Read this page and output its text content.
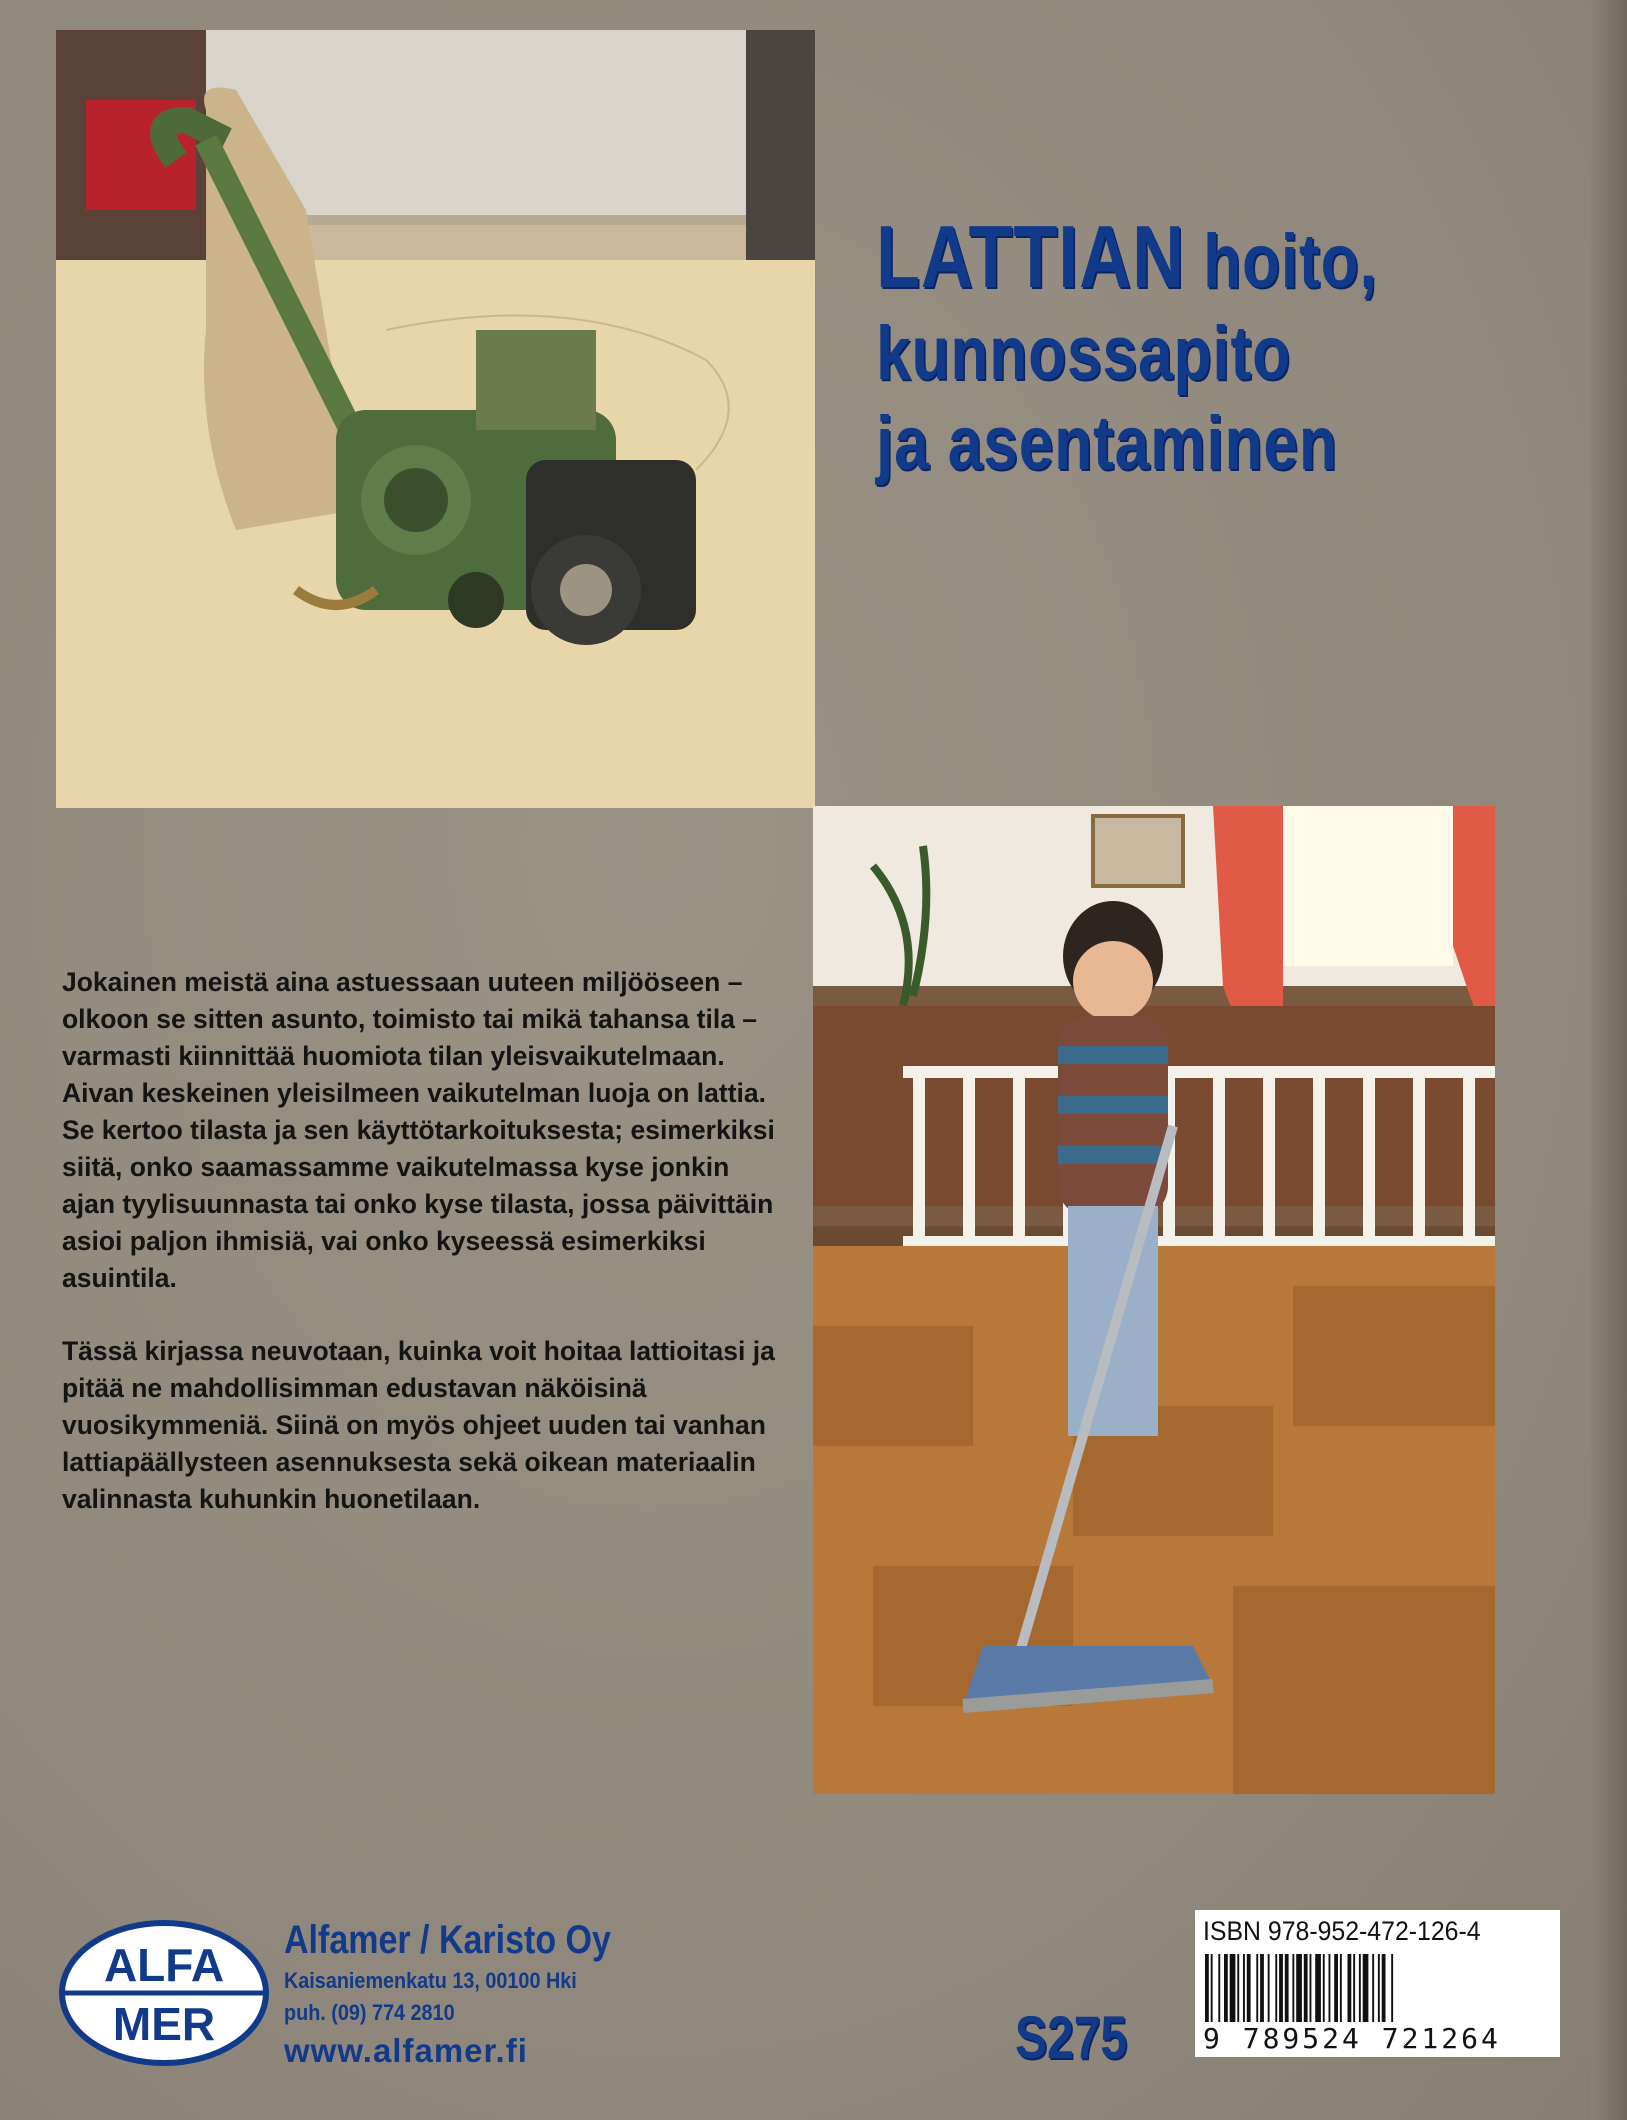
LATTIAN hoito,
kunnossapito
ja asentaminen

Jokainen meistä aina astuessaan uuteen miljööseen – olkoon se sitten asunto, toimisto tai mikä tahansa tila – varmasti kiinnittää huomiota tilan yleisvaikutelmaan. Aivan keskeinen yleisilmeen vaikutelman luoja on lattia. Se kertoo tilasta ja sen käyttötarkoituksesta; esimerkiksi siitä, onko saamassamme vaikutelmassa kyse jonkin ajan tyylisuunnasta tai onko kyse tilasta, jossa päivittäin asioi paljon ihmisiä, vai onko kyseessä esimerkiksi asuintila.

Tässä kirjassa neuvotaan, kuinka voit hoitaa lattioitasi ja pitää ne mahdollisimman edustavan näköisinä vuosikymmeniä. Siinä on myös ohjeet uuden tai vanhan lattiapäällysteen asennuksesta sekä oikean materiaalin valinnasta kuhunkin huonetilaan.

ALFA
MER
Alfamer / Karisto Oy
Kaisaniemenkatu 13, 00100 Hki
puh. (09) 774 2810
www.alfamer.fi	S275
ISBN 978-952-472-126-4
9 789524 721264
